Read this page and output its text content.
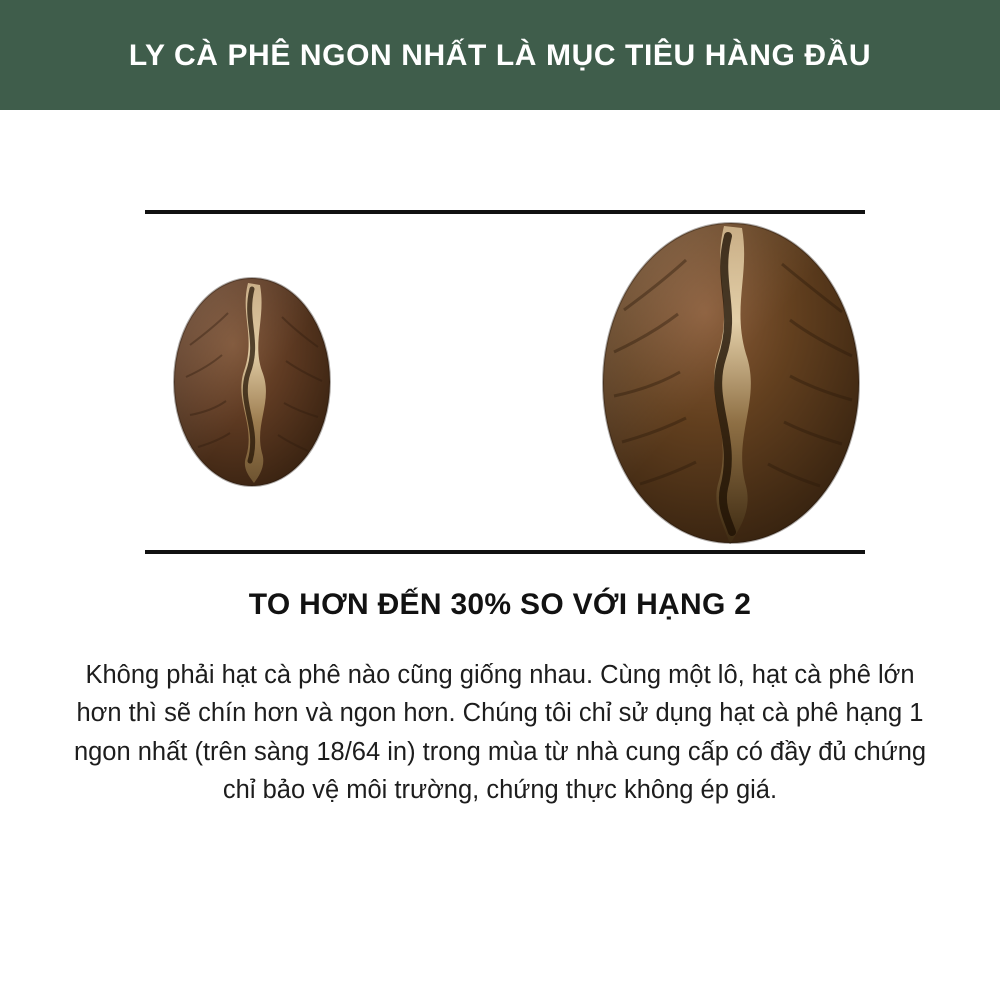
LY CÀ PHÊ NGON NHẤT LÀ MỤC TIÊU HÀNG ĐẦU
TO HƠN ĐẾN 30% SO VỚI HẠNG 2

Không phải hạt cà phê nào cũng giống nhau. Cùng một lô, hạt cà phê lớn hơn thì sẽ chín hơn và ngon hơn. Chúng tôi chỉ sử dụng hạt cà phê hạng 1 ngon nhất (trên sàng 18/64 in) trong mùa từ nhà cung cấp có đầy đủ chứng chỉ bảo vệ môi trường, chứng thực không ép giá.
